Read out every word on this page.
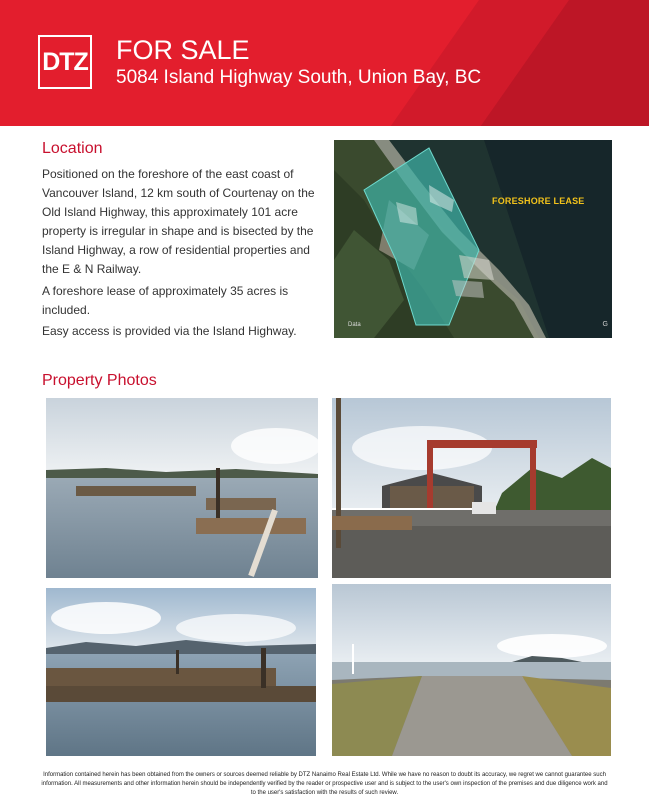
DTZ FOR SALE
5084 Island Highway South, Union Bay, BC
Location

Positioned on the foreshore of the east coast of Vancouver Island, 12 km south of Courtenay on the Old Island Highway, this approximately 101 acre property is irregular in shape and is bisected by the Island Highway, a row of residential properties and the E & N Railway.

A foreshore lease of approximately 35 acres is included.

Easy access is provided via the Island Highway.

FORESHORE LEASE
Data	G
Property Photos

Information contained herein has been obtained from the owners or sources deemed reliable by DTZ Nanaimo Real Estate Ltd. While we have no reason to doubt its accuracy, we regret we cannot guarantee such information. All measurements and other information herein should be independently verified by the reader or prospective user and is subject to the user's own inspection of the premises and due diligence work and to the user's satisfaction with the results of such review.
